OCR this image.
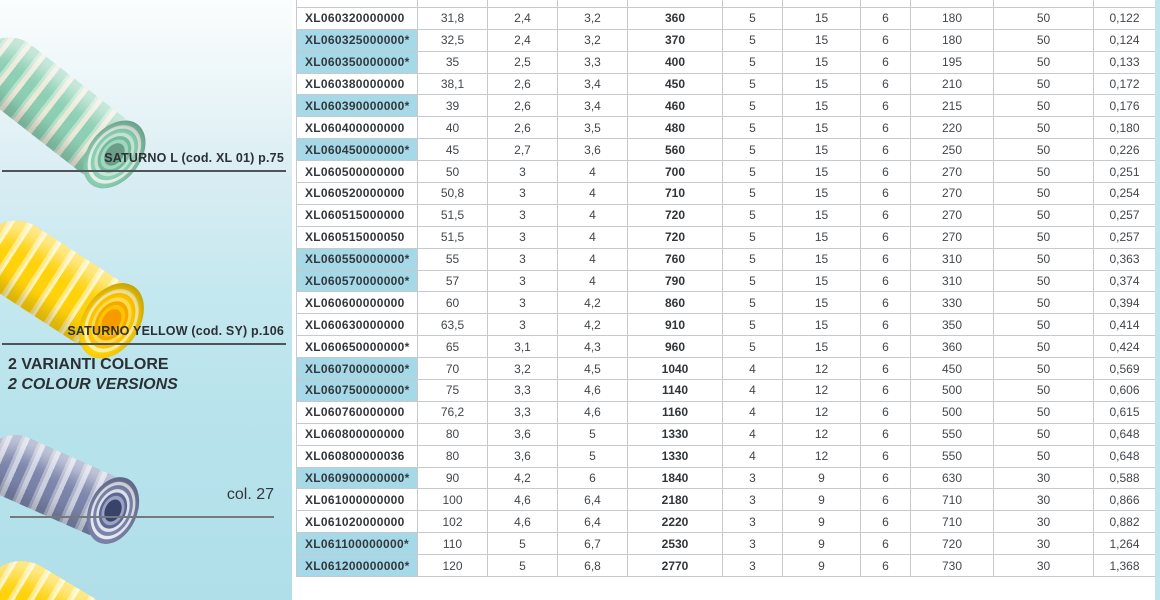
SATURNO L (cod. XL 01) p.75
SATURNO YELLOW (cod. SY) p.106
2 VARIANTI COLORE
2 COLOUR VERSIONS
col. 27

XL060320000000	31,8	2,4	3,2	360	5	15	6	180	50	0,122
XL060325000000*	32,5	2,4	3,2	370	5	15	6	180	50	0,124
XL060350000000*	35	2,5	3,3	400	5	15	6	195	50	0,133
XL060380000000	38,1	2,6	3,4	450	5	15	6	210	50	0,172
XL060390000000*	39	2,6	3,4	460	5	15	6	215	50	0,176
XL060400000000	40	2,6	3,5	480	5	15	6	220	50	0,180
XL060450000000*	45	2,7	3,6	560	5	15	6	250	50	0,226
XL060500000000	50	3	4	700	5	15	6	270	50	0,251
XL060520000000	50,8	3	4	710	5	15	6	270	50	0,254
XL060515000000	51,5	3	4	720	5	15	6	270	50	0,257
XL060515000050	51,5	3	4	720	5	15	6	270	50	0,257
XL060550000000*	55	3	4	760	5	15	6	310	50	0,363
XL060570000000*	57	3	4	790	5	15	6	310	50	0,374
XL060600000000	60	3	4,2	860	5	15	6	330	50	0,394
XL060630000000	63,5	3	4,2	910	5	15	6	350	50	0,414
XL060650000000*	65	3,1	4,3	960	5	15	6	360	50	0,424
XL060700000000*	70	3,2	4,5	1040	4	12	6	450	50	0,569
XL060750000000*	75	3,3	4,6	1140	4	12	6	500	50	0,606
XL060760000000	76,2	3,3	4,6	1160	4	12	6	500	50	0,615
XL060800000000	80	3,6	5	1330	4	12	6	550	50	0,648
XL060800000036	80	3,6	5	1330	4	12	6	550	50	0,648
XL060900000000*	90	4,2	6	1840	3	9	6	630	30	0,588
XL061000000000	100	4,6	6,4	2180	3	9	6	710	30	0,866
XL061020000000	102	4,6	6,4	2220	3	9	6	710	30	0,882
XL061100000000*	110	5	6,7	2530	3	9	6	720	30	1,264
XL061200000000*	120	5	6,8	2770	3	9	6	730	30	1,368
